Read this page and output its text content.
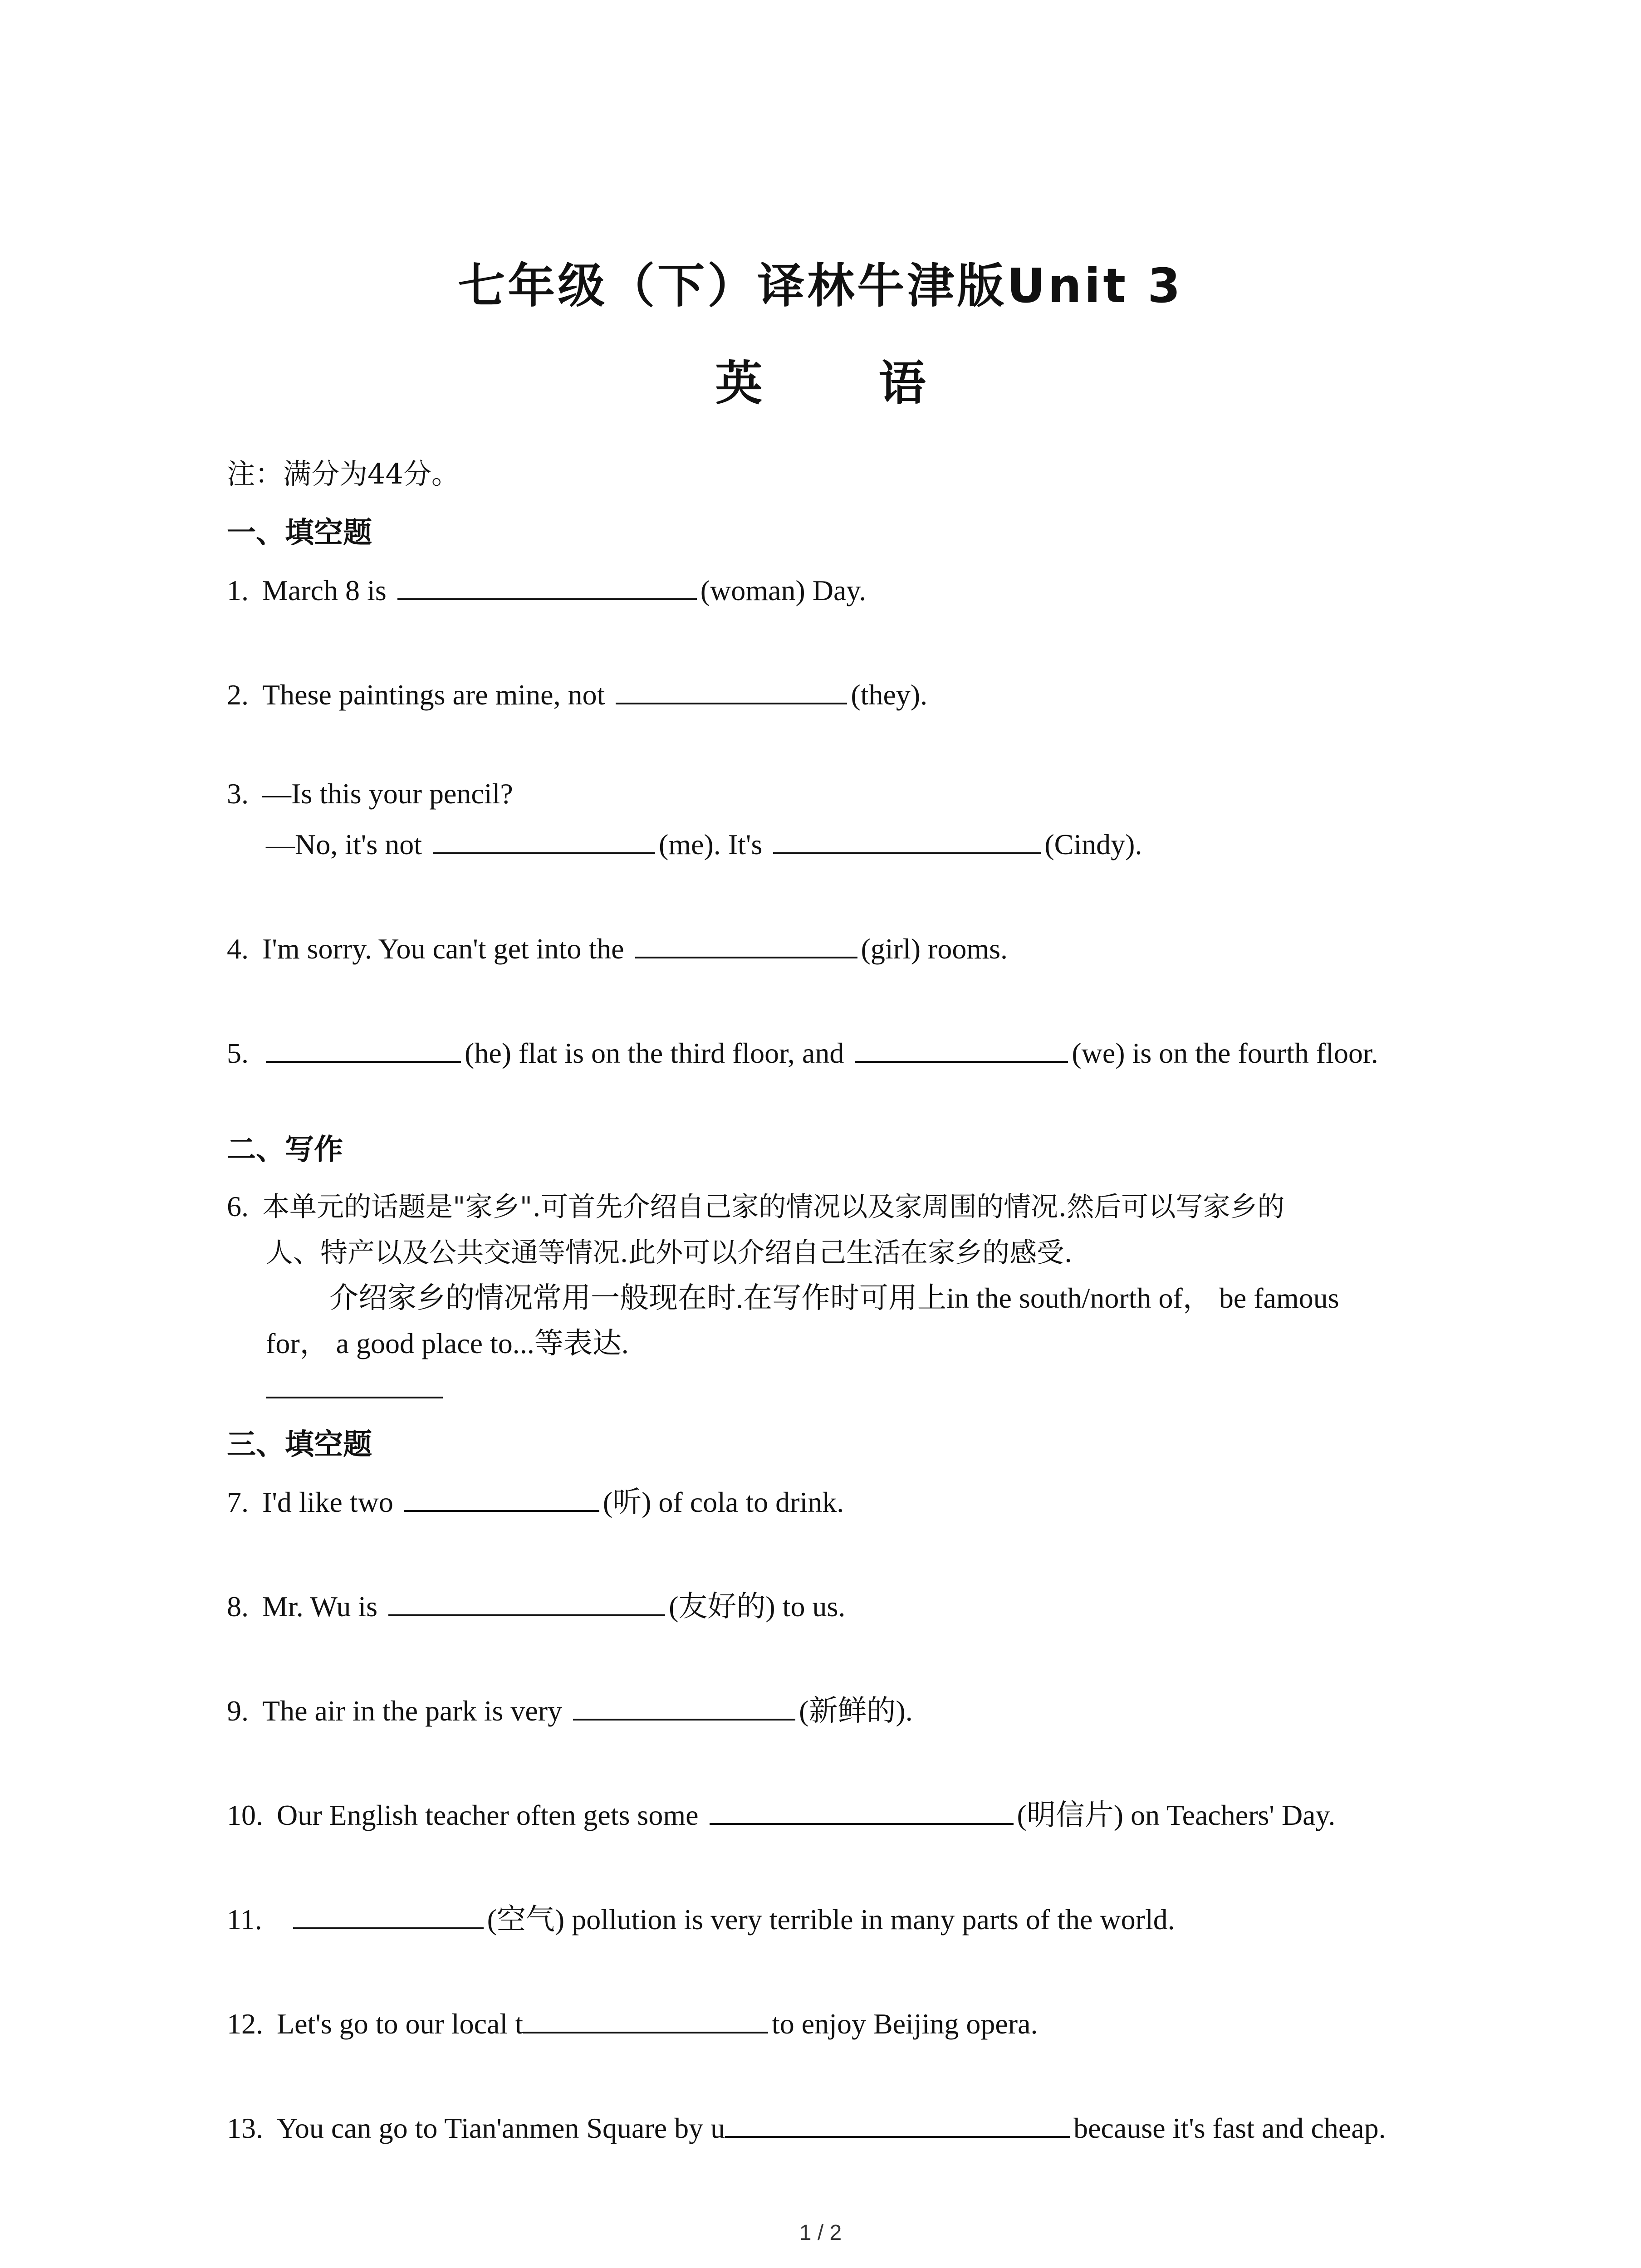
七年级（下）译林牛津版Unit 3
英 语
注：满分为44分。
一、填空题
1. March 8 is	(woman) Day.
2. These paintings are mine, not	(they).
3. —Is this your pencil?
—No, it's not	(me). It's	(Cindy).
4. I'm sorry. You can't get into the	(girl) rooms.
5.	(he) flat is on the third floor, and	(we) is on the fourth floor.
二、写作
6. 本单元的话题是"家乡".可首先介绍自己家的情况以及家周围的情况.然后可以写家乡的
人、特产以及公共交通等情况.此外可以介绍自己生活在家乡的感受.
介绍家乡的情况常用一般现在时.在写作时可用上in the south/north of， be famous
for， a good place to...等表达.
三、填空题
7. I'd like two	(听) of cola to drink.
8. Mr. Wu is	(友好的) to us.
9. The air in the park is very	(新鲜的).
10. Our English teacher often gets some	(明信片) on Teachers' Day.
11.	(空气) pollution is very terrible in many parts of the world.
12. Let's go to our local t	to enjoy Beijing opera.
13. You can go to Tian'anmen Square by u	because it's fast and cheap.
1 / 2
